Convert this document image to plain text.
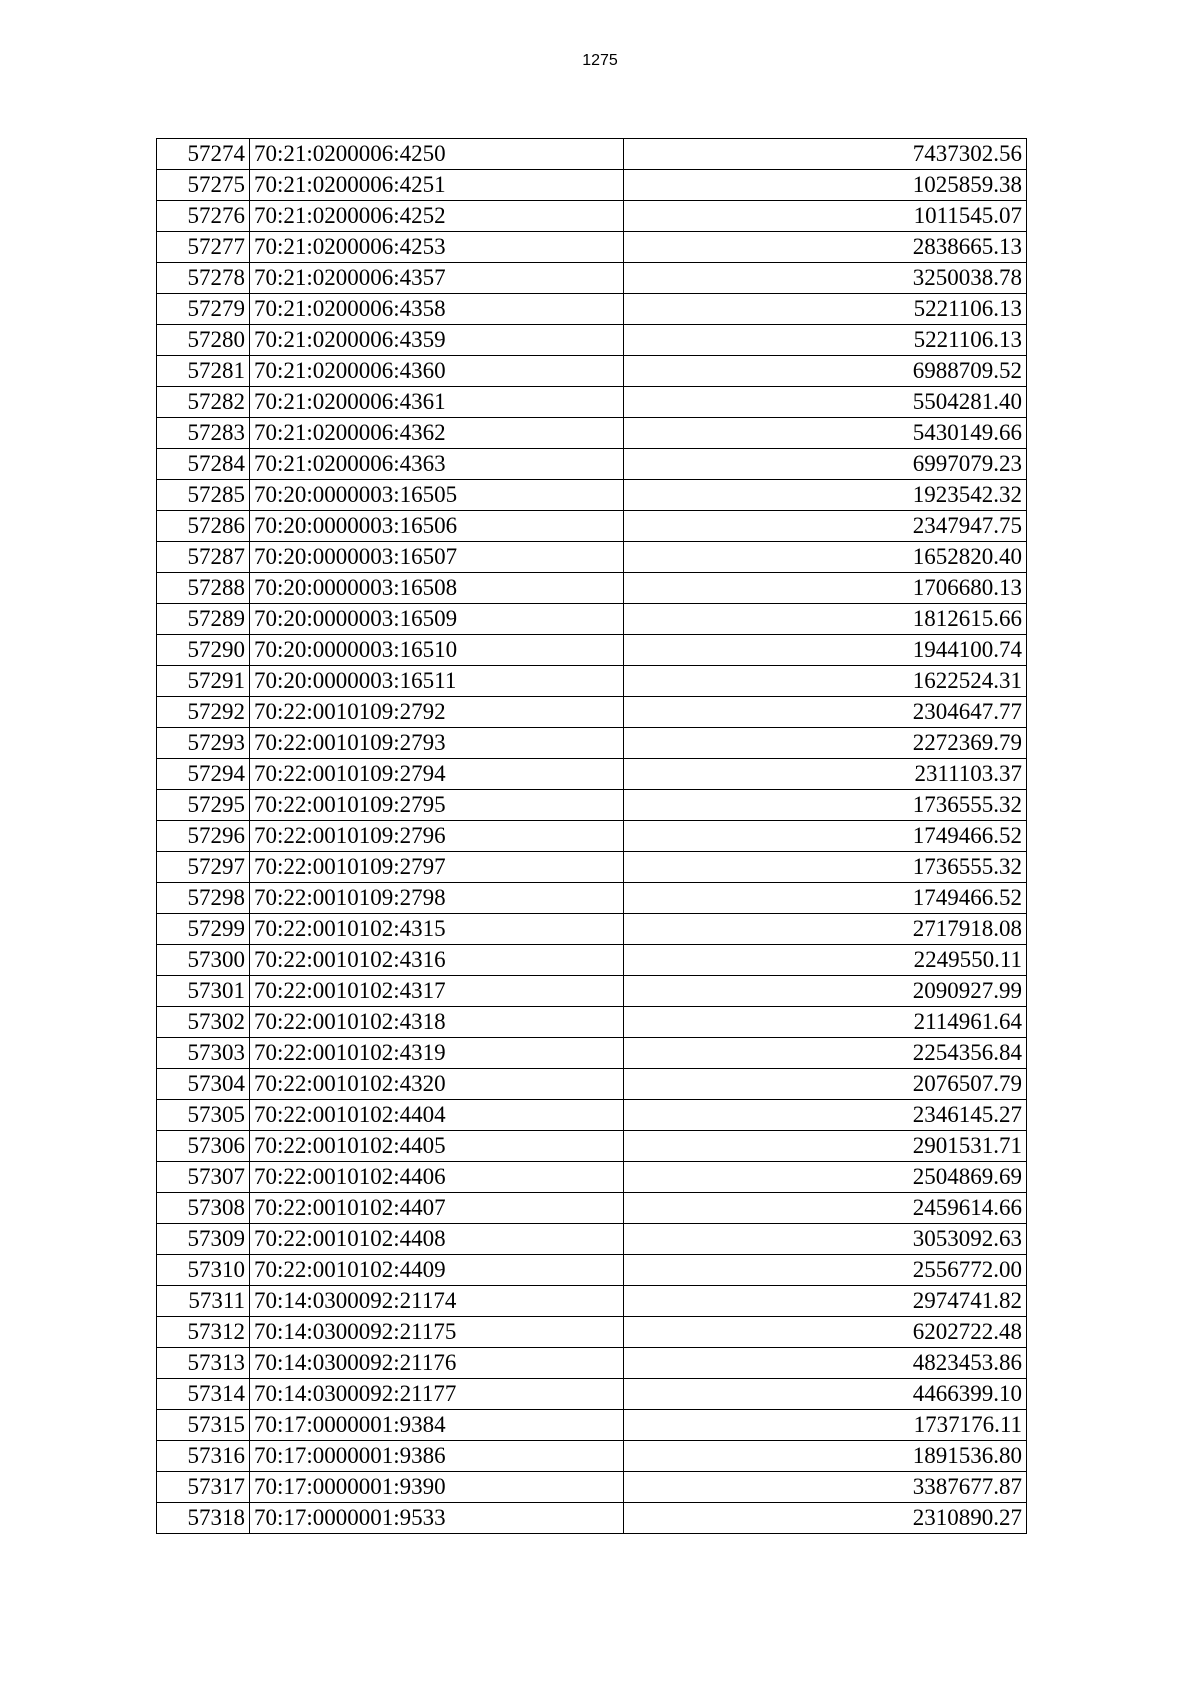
1275
57274	70:21:0200006:4250	7437302.56
57275	70:21:0200006:4251	1025859.38
57276	70:21:0200006:4252	1011545.07
57277	70:21:0200006:4253	2838665.13
57278	70:21:0200006:4357	3250038.78
57279	70:21:0200006:4358	5221106.13
57280	70:21:0200006:4359	5221106.13
57281	70:21:0200006:4360	6988709.52
57282	70:21:0200006:4361	5504281.40
57283	70:21:0200006:4362	5430149.66
57284	70:21:0200006:4363	6997079.23
57285	70:20:0000003:16505	1923542.32
57286	70:20:0000003:16506	2347947.75
57287	70:20:0000003:16507	1652820.40
57288	70:20:0000003:16508	1706680.13
57289	70:20:0000003:16509	1812615.66
57290	70:20:0000003:16510	1944100.74
57291	70:20:0000003:16511	1622524.31
57292	70:22:0010109:2792	2304647.77
57293	70:22:0010109:2793	2272369.79
57294	70:22:0010109:2794	2311103.37
57295	70:22:0010109:2795	1736555.32
57296	70:22:0010109:2796	1749466.52
57297	70:22:0010109:2797	1736555.32
57298	70:22:0010109:2798	1749466.52
57299	70:22:0010102:4315	2717918.08
57300	70:22:0010102:4316	2249550.11
57301	70:22:0010102:4317	2090927.99
57302	70:22:0010102:4318	2114961.64
57303	70:22:0010102:4319	2254356.84
57304	70:22:0010102:4320	2076507.79
57305	70:22:0010102:4404	2346145.27
57306	70:22:0010102:4405	2901531.71
57307	70:22:0010102:4406	2504869.69
57308	70:22:0010102:4407	2459614.66
57309	70:22:0010102:4408	3053092.63
57310	70:22:0010102:4409	2556772.00
57311	70:14:0300092:21174	2974741.82
57312	70:14:0300092:21175	6202722.48
57313	70:14:0300092:21176	4823453.86
57314	70:14:0300092:21177	4466399.10
57315	70:17:0000001:9384	1737176.11
57316	70:17:0000001:9386	1891536.80
57317	70:17:0000001:9390	3387677.87
57318	70:17:0000001:9533	2310890.27
